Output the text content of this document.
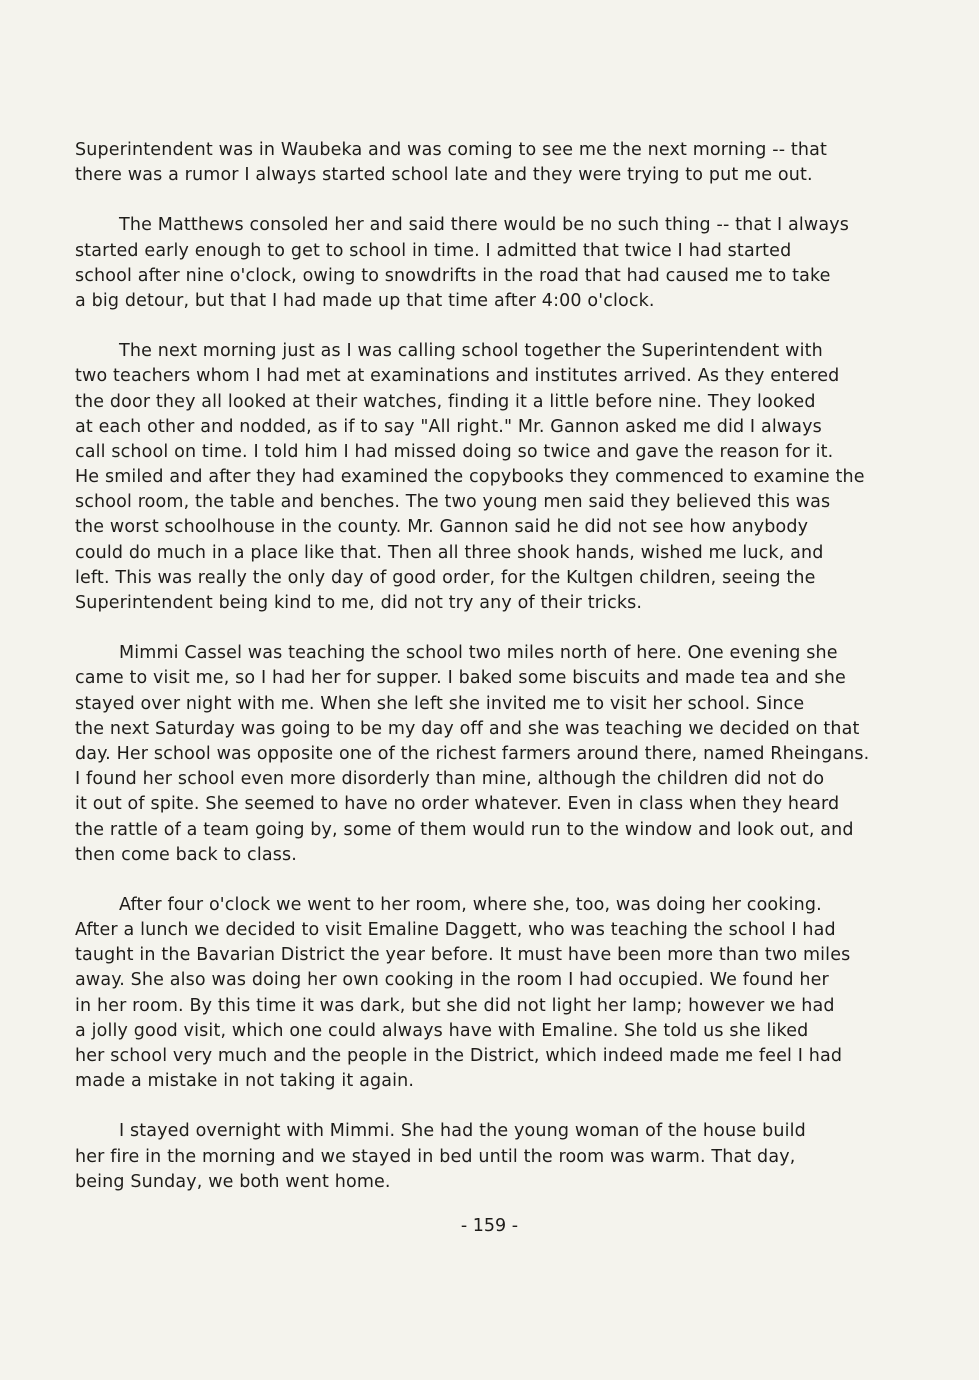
Superintendent was in Waubeka and was coming to see me the next morning -- that
there was a rumor I always started school late and they were trying to put me out.
The Matthews consoled her and said there would be no such thing -- that I always
started early enough to get to school in time. I admitted that twice I had started
school after nine o'clock, owing to snowdrifts in the road that had caused me to take
a big detour, but that I had made up that time after 4:00 o'clock.
The next morning just as I was calling school together the Superintendent with
two teachers whom I had met at examinations and institutes arrived. As they entered
the door they all looked at their watches, finding it a little before nine. They looked
at each other and nodded, as if to say "All right." Mr. Gannon asked me did I always
call school on time. I told him I had missed doing so twice and gave the reason for it.
He smiled and after they had examined the copybooks they commenced to examine the
school room, the table and benches. The two young men said they believed this was
the worst schoolhouse in the county. Mr. Gannon said he did not see how anybody
could do much in a place like that. Then all three shook hands, wished me luck, and
left. This was really the only day of good order, for the Kultgen children, seeing the
Superintendent being kind to me, did not try any of their tricks.
Mimmi Cassel was teaching the school two miles north of here. One evening she
came to visit me, so I had her for supper. I baked some biscuits and made tea and she
stayed over night with me. When she left she invited me to visit her school. Since
the next Saturday was going to be my day off and she was teaching we decided on that
day. Her school was opposite one of the richest farmers around there, named Rheingans.
I found her school even more disorderly than mine, although the children did not do
it out of spite. She seemed to have no order whatever. Even in class when they heard
the rattle of a team going by, some of them would run to the window and look out, and
then come back to class.
After four o'clock we went to her room, where she, too, was doing her cooking.
After a lunch we decided to visit Emaline Daggett, who was teaching the school I had
taught in the Bavarian District the year before. It must have been more than two miles
away. She also was doing her own cooking in the room I had occupied. We found her
in her room. By this time it was dark, but she did not light her lamp; however we had
a jolly good visit, which one could always have with Emaline. She told us she liked
her school very much and the people in the District, which indeed made me feel I had
made a mistake in not taking it again.
I stayed overnight with Mimmi. She had the young woman of the house build
her fire in the morning and we stayed in bed until the room was warm. That day,
being Sunday, we both went home.
- 159 -
